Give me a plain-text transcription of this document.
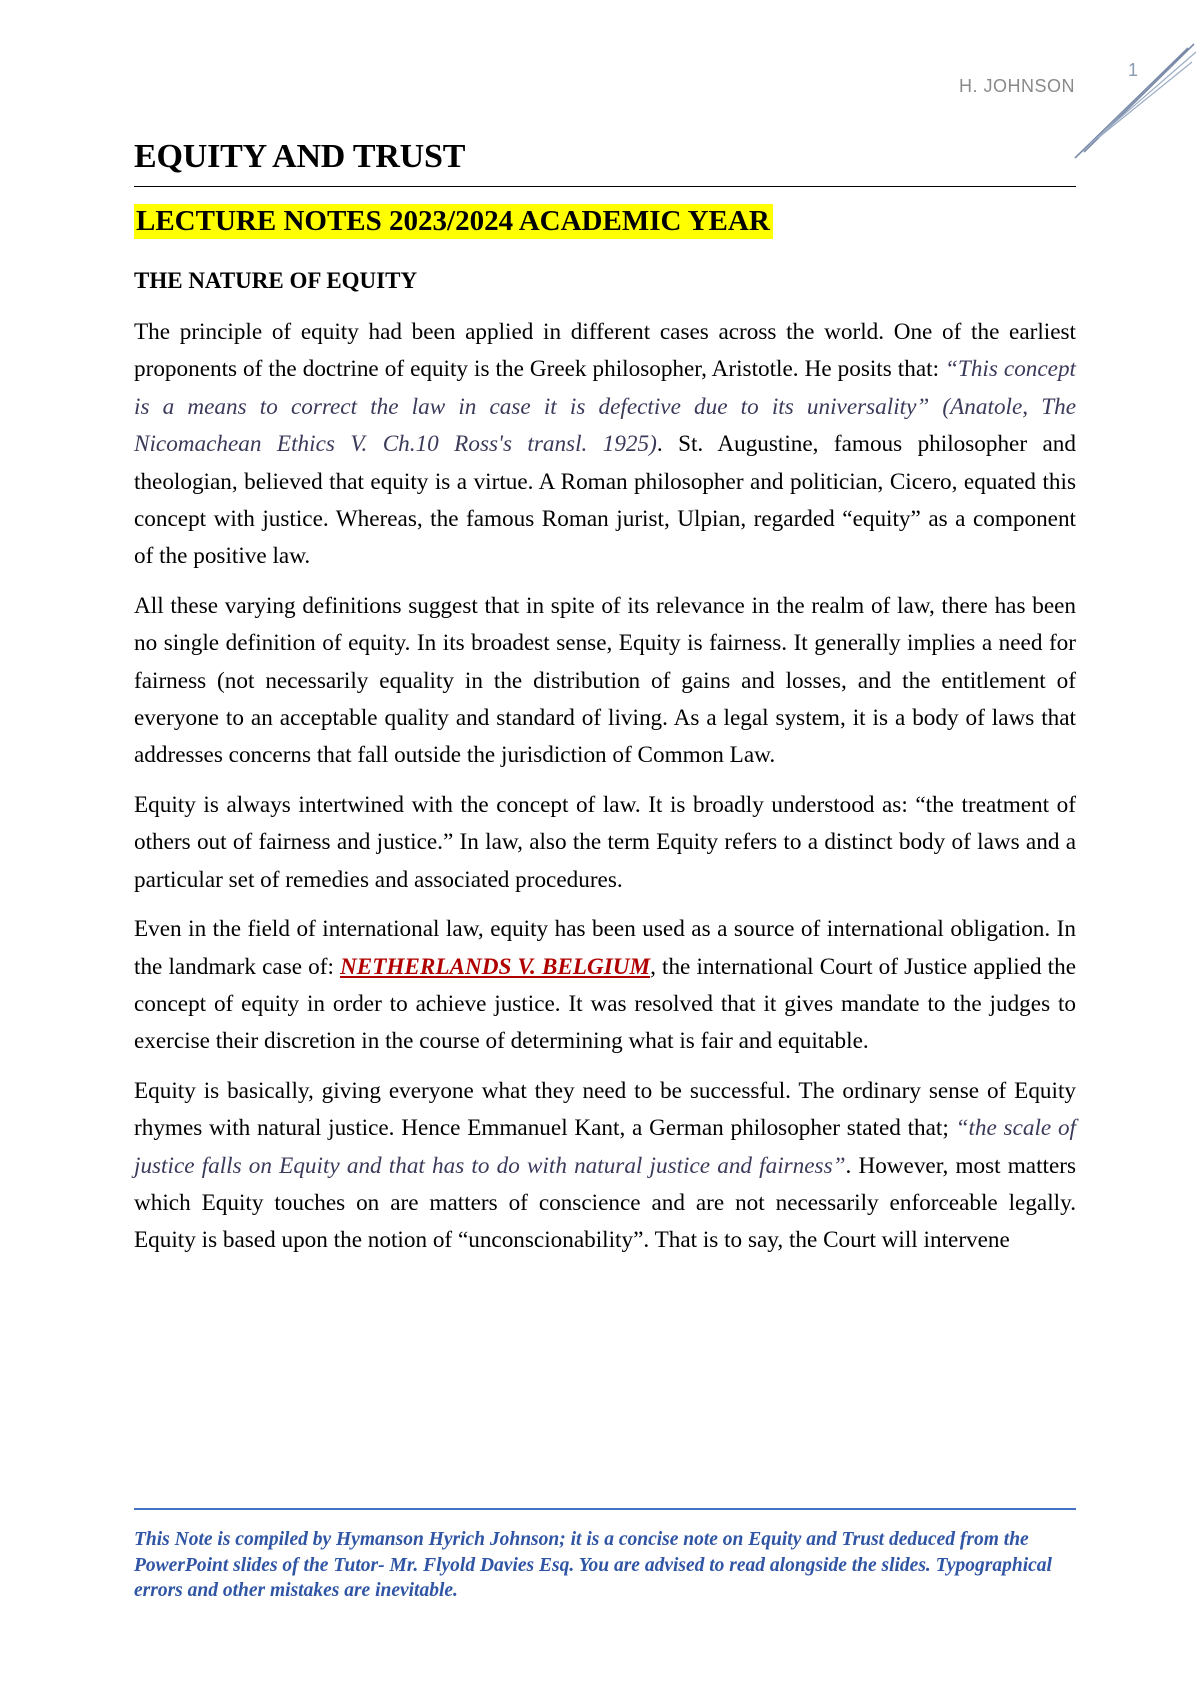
H. JOHNSON
1
EQUITY AND TRUST
LECTURE NOTES 2023/2024 ACADEMIC YEAR
THE NATURE OF EQUITY

The principle of equity had been applied in different cases across the world. One of the earliest proponents of the doctrine of equity is the Greek philosopher, Aristotle. He posits that: “This concept is a means to correct the law in case it is defective due to its universality” (Anatole, The Nicomachean Ethics V. Ch.10 Ross's transl. 1925). St. Augustine, famous philosopher and theologian, believed that equity is a virtue. A Roman philosopher and politician, Cicero, equated this concept with justice. Whereas, the famous Roman jurist, Ulpian, regarded “equity” as a component of the positive law.

All these varying definitions suggest that in spite of its relevance in the realm of law, there has been no single definition of equity. In its broadest sense, Equity is fairness. It generally implies a need for fairness (not necessarily equality in the distribution of gains and losses, and the entitlement of everyone to an acceptable quality and standard of living. As a legal system, it is a body of laws that addresses concerns that fall outside the jurisdiction of Common Law.

Equity is always intertwined with the concept of law. It is broadly understood as: “the treatment of others out of fairness and justice.” In law, also the term Equity refers to a distinct body of laws and a particular set of remedies and associated procedures.

Even in the field of international law, equity has been used as a source of international obligation. In the landmark case of: NETHERLANDS V. BELGIUM, the international Court of Justice applied the concept of equity in order to achieve justice. It was resolved that it gives mandate to the judges to exercise their discretion in the course of determining what is fair and equitable.

Equity is basically, giving everyone what they need to be successful. The ordinary sense of Equity rhymes with natural justice. Hence Emmanuel Kant, a German philosopher stated that; “the scale of justice falls on Equity and that has to do with natural justice and fairness”. However, most matters which Equity touches on are matters of conscience and are not necessarily enforceable legally. Equity is based upon the notion of “unconscionability”. That is to say, the Court will intervene

This Note is compiled by Hymanson Hyrich Johnson; it is a concise note on Equity and Trust deduced from the PowerPoint slides of the Tutor- Mr. Flyold Davies Esq. You are advised to read alongside the slides. Typographical errors and other mistakes are inevitable.
